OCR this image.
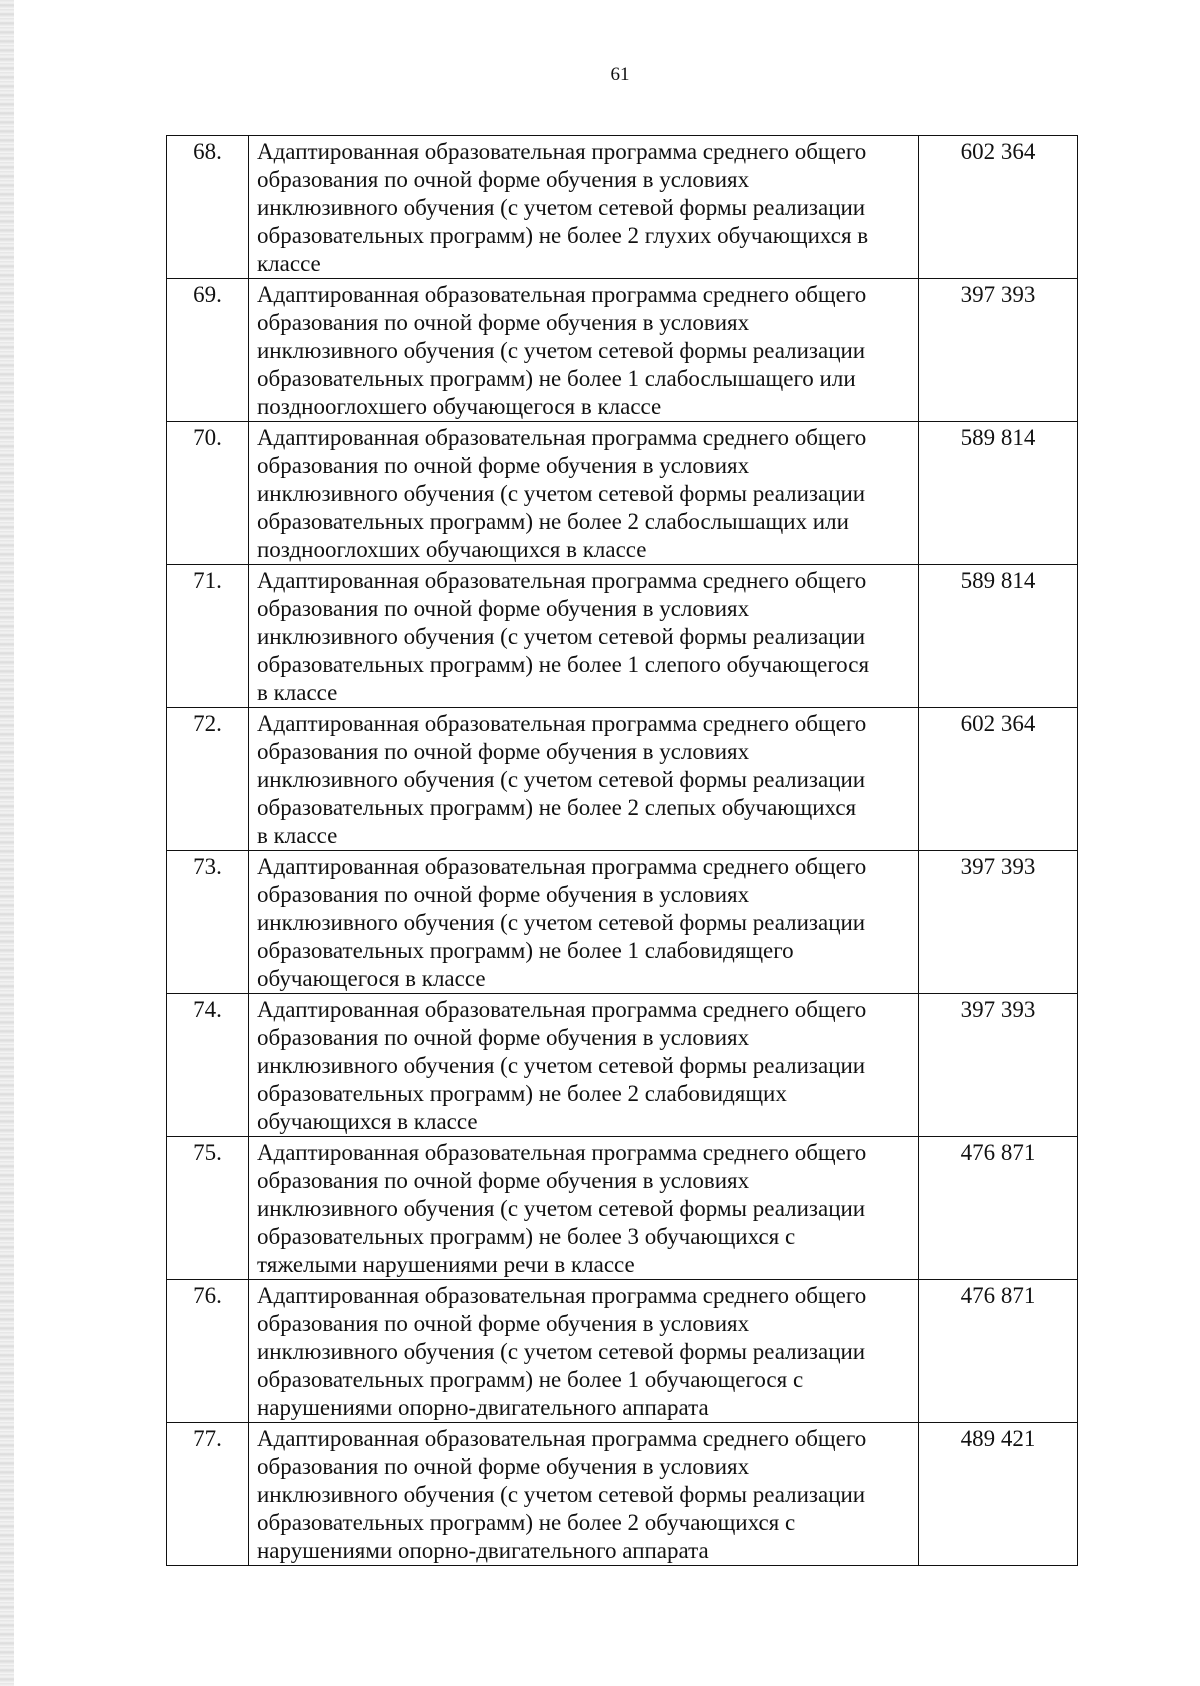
61
68.	Адаптированная образовательная программа среднего общего
образования по очной форме обучения в условиях
инклюзивного обучения (с учетом сетевой формы реализации
образовательных программ) не более 2 глухих обучающихся в
классе	602 364
69.	Адаптированная образовательная программа среднего общего
образования по очной форме обучения в условиях
инклюзивного обучения (с учетом сетевой формы реализации
образовательных программ) не более 1 слабослышащего или
позднооглохшего обучающегося в классе	397 393
70.	Адаптированная образовательная программа среднего общего
образования по очной форме обучения в условиях
инклюзивного обучения (с учетом сетевой формы реализации
образовательных программ) не более 2 слабослышащих или
позднооглохших обучающихся в классе	589 814
71.	Адаптированная образовательная программа среднего общего
образования по очной форме обучения в условиях
инклюзивного обучения (с учетом сетевой формы реализации
образовательных программ) не более 1 слепого обучающегося
в классе	589 814
72.	Адаптированная образовательная программа среднего общего
образования по очной форме обучения в условиях
инклюзивного обучения (с учетом сетевой формы реализации
образовательных программ) не более 2 слепых обучающихся
в классе	602 364
73.	Адаптированная образовательная программа среднего общего
образования по очной форме обучения в условиях
инклюзивного обучения (с учетом сетевой формы реализации
образовательных программ) не более 1 слабовидящего
обучающегося в классе	397 393
74.	Адаптированная образовательная программа среднего общего
образования по очной форме обучения в условиях
инклюзивного обучения (с учетом сетевой формы реализации
образовательных программ) не более 2 слабовидящих
обучающихся в классе	397 393
75.	Адаптированная образовательная программа среднего общего
образования по очной форме обучения в условиях
инклюзивного обучения (с учетом сетевой формы реализации
образовательных программ) не более 3 обучающихся с
тяжелыми нарушениями речи в классе	476 871
76.	Адаптированная образовательная программа среднего общего
образования по очной форме обучения в условиях
инклюзивного обучения (с учетом сетевой формы реализации
образовательных программ) не более 1 обучающегося с
нарушениями опорно-двигательного аппарата	476 871
77.	Адаптированная образовательная программа среднего общего
образования по очной форме обучения в условиях
инклюзивного обучения (с учетом сетевой формы реализации
образовательных программ) не более 2 обучающихся с
нарушениями опорно-двигательного аппарата	489 421
